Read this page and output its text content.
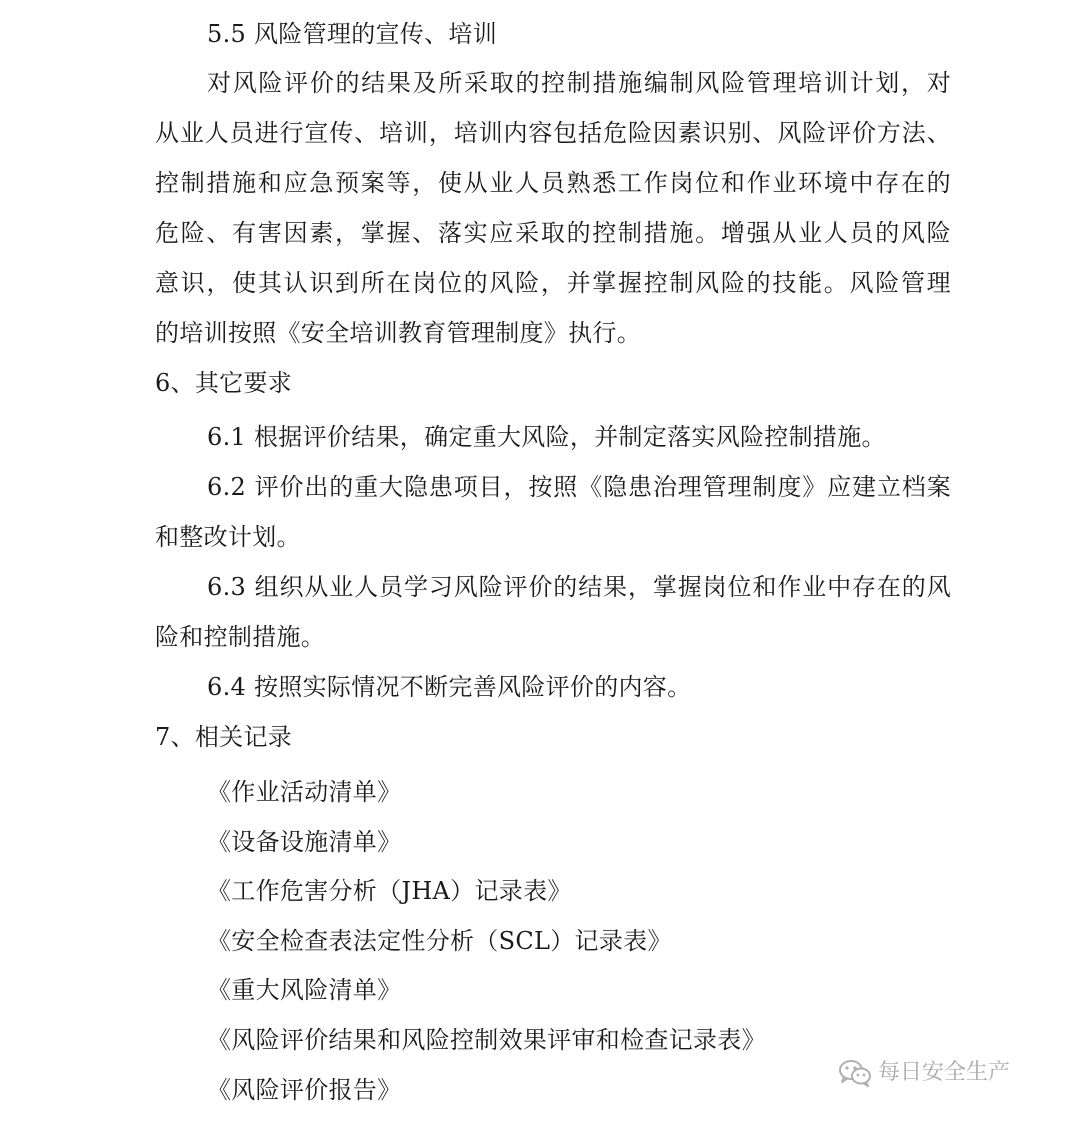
5.5 风险管理的宣传、培训
对风险评价的结果及所采取的控制措施编制风险管理培训计划，对
从业人员进行宣传、培训，培训内容包括危险因素识别、风险评价方法、
控制措施和应急预案等，使从业人员熟悉工作岗位和作业环境中存在的
危险、有害因素，掌握、落实应采取的控制措施。增强从业人员的风险
意识，使其认识到所在岗位的风险，并掌握控制风险的技能。风险管理
的培训按照《安全培训教育管理制度》执行。
6、其它要求
6.1 根据评价结果，确定重大风险，并制定落实风险控制措施。
6.2 评价出的重大隐患项目，按照《隐患治理管理制度》应建立档案
和整改计划。
6.3 组织从业人员学习风险评价的结果，掌握岗位和作业中存在的风
险和控制措施。
6.4 按照实际情况不断完善风险评价的内容。
7、相关记录
《作业活动清单》
《设备设施清单》
《工作危害分析（JHA）记录表》
《安全检查表法定性分析（SCL）记录表》
《重大风险清单》
《风险评价结果和风险控制效果评审和检查记录表》
《风险评价报告》
每日安全生产
